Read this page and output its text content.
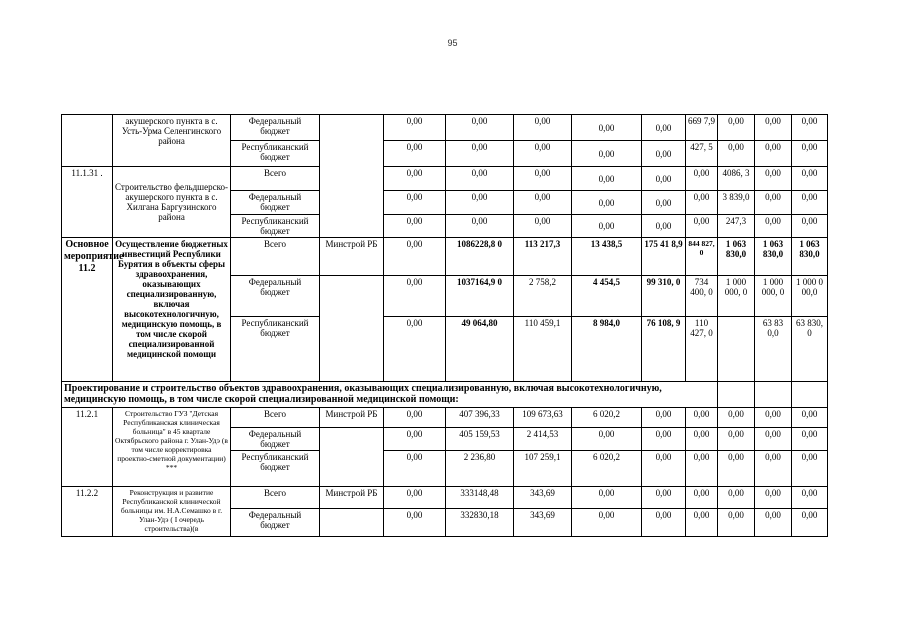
95
	акушерского пункта в с. Усть-Урма Селенгинского района	Федеральный бюджет		0,00	0,00	0,00	0,00	0,00	669 7,9	0,00	0,00	0,00
		Республиканский бюджет		0,00	0,00	0,00	0,00	0,00	427, 5	0,00	0,00	0,00
11.1.31 .	Строительство фельдшерско-акушерского пункта в с. Хилгана Баргузинского района	Всего		0,00	0,00	0,00	0,00	0,00	0,00	4086, 3	0,00	0,00
		Федеральный бюджет		0,00	0,00	0,00	0,00	0,00	0,00	3 839,0	0,00	0,00
		Республиканский бюджет		0,00	0,00	0,00	0,00	0,00	0,00	247,3	0,00	0,00
Основное мероприятие 11.2	Осуществление бюджетных инвестиций Республики Бурятия в объекты сферы здравоохранения, оказывающих специализированную, включая высокотехнологичную, медицинскую помощь, в том числе скорой специализированной медицинской помощи	Всего	Минстрой РБ	0,00	1086228,8 0	113 217,3	13 438,5	175 41 8,9	844 827, 0	1 063 830,0	1 063 830,0	1 063 830,0
		Федеральный бюджет		0,00	1037164,9 0	2 758,2	4 454,5	99 310, 0	734 400, 0	1 000 000, 0	1 000 000, 0	1 000 0 00,0
		Республиканский бюджет		0,00	49 064,80	110 459,1	8 984,0	76 108, 9	110 427, 0		63 83 0,0	63 830, 0
Проектирование и строительство объектов здравоохранения, оказывающих специализированную, включая высокотехнологичную, медицинскую помощь, в том числе скорой специализированной медицинской помощи:												
11.2.1	Строительство ГУЗ "Детская Республиканская клиническая больница" в 45 квартале Октябрьского района г. Улан-Удэ (в том числе корректировка проектно-сметной документации) ***	Всего	Минстрой РБ	0,00	407 396,33	109 673,63	6 020,2	0,00	0,00	0,00	0,00	0,00
		Федеральный бюджет		0,00	405 159,53	2 414,53	0,00	0,00	0,00	0,00	0,00	0,00
		Республиканский бюджет		0,00	2 236,80	107 259,1	6 020,2	0,00	0,00	0,00	0,00	0,00
11.2.2	Реконструкция и развитие Республиканской клинической больницы им. Н.А.Семашко в г. Улан-Удэ ( I очередь строительства)(в	Всего	Минстрой РБ	0,00	333148,48	343,69	0,00	0,00	0,00	0,00	0,00	0,00
		Федеральный бюджет		0,00	332830,18	343,69	0,00	0,00	0,00	0,00	0,00	0,00
